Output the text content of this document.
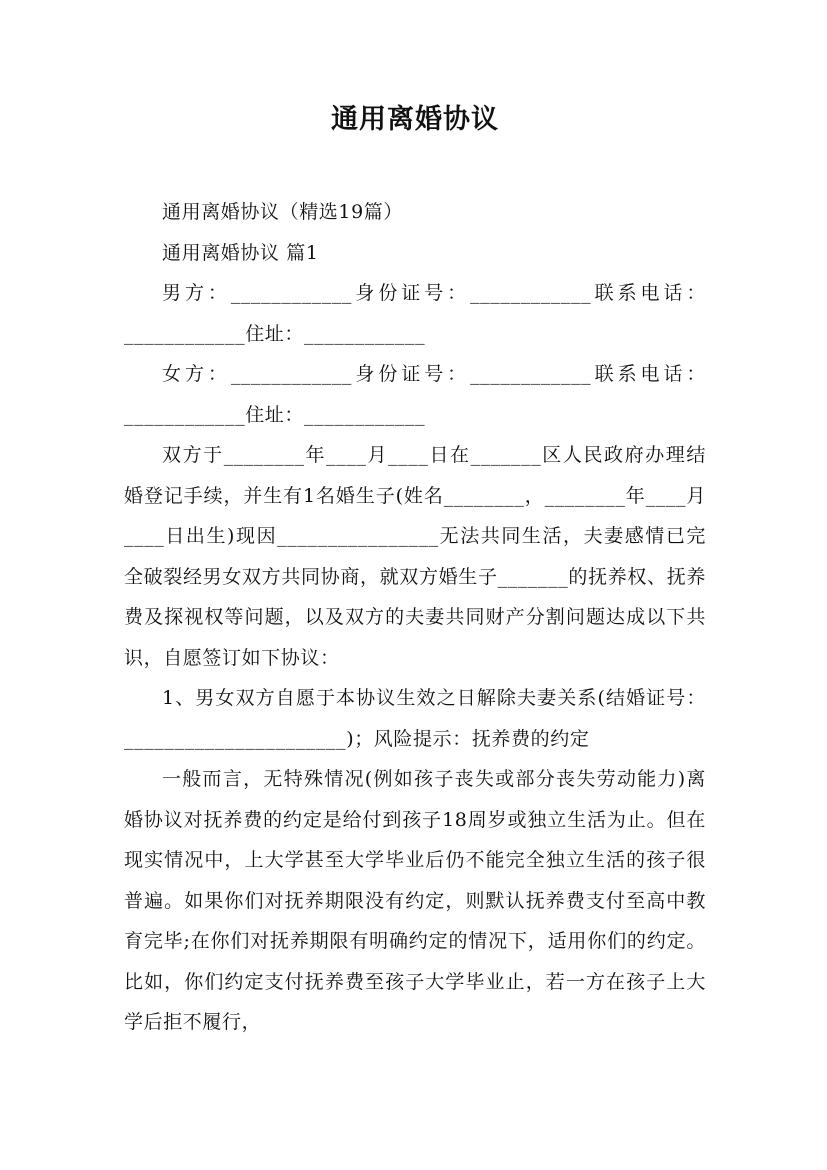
通用离婚协议

通用离婚协议（精选19篇）

通用离婚协议 篇1

男方：____________身份证号：____________联系电话：____________住址：____________

女方：____________身份证号：____________联系电话：____________住址：____________

双方于________年____月____日在_______区人民政府办理结婚登记手续，并生有1名婚生子(姓名________，________年____月____日出生)现因________________无法共同生活，夫妻感情已完全破裂经男女双方共同协商，就双方婚生子_______的抚养权、抚养费及探视权等问题，以及双方的夫妻共同财产分割问题达成以下共识，自愿签订如下协议：

1、男女双方自愿于本协议生效之日解除夫妻关系(结婚证号：______________________)；风险提示：抚养费的约定

一般而言，无特殊情况(例如孩子丧失或部分丧失劳动能力)离婚协议对抚养费的约定是给付到孩子18周岁或独立生活为止。但在现实情况中，上大学甚至大学毕业后仍不能完全独立生活的孩子很普遍。如果你们对抚养期限没有约定，则默认抚养费支付至高中教育完毕;在你们对抚养期限有明确约定的情况下，适用你们的约定。比如，你们约定支付抚养费至孩子大学毕业止，若一方在孩子上大学后拒不履行，
